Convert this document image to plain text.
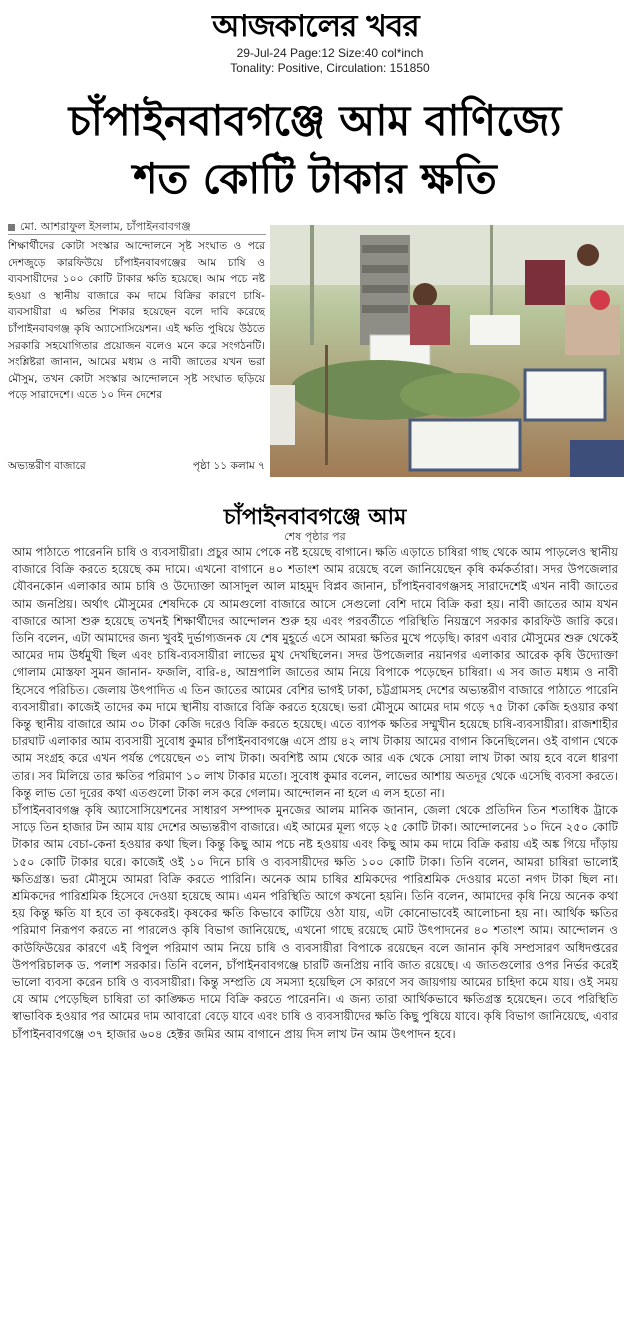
আজকালের খবর
29-Jul-24 Page:12 Size:40 col*inch
Tonality: Positive, Circulation: 151850
চাঁপাইনবাবগঞ্জে আম বাণিজ্যে
শত কোটি টাকার ক্ষতি
মো. আশরাফুল ইসলাম, চাঁপাইনবাবগঞ্জ

শিক্ষার্থীদের কোটা সংস্কার আন্দোলনে সৃষ্ট সংঘাত ও পরে দেশজুড়ে কারফিউয়ে চাঁপাইনবাবগঞ্জের আম চাষি ও ব্যবসায়ীদের ১০০ কোটি টাকার ক্ষতি হয়েছে। আম পচে নষ্ট হওয়া ও স্থানীয় বাজারে কম দামে বিক্রির কারণে চাষি-ব্যবসায়ীরা এ ক্ষতির শিকার হয়েছেন বলে দাবি করেছে চাঁপাইনবাবগঞ্জ কৃষি অ্যাসোসিয়েশন। এই ক্ষতি পুষিয়ে উঠতে সরকারি সহযোগিতার প্রয়োজন বলেও মনে করে সংগঠনটি। সংশ্লিষ্টরা জানান, আমের মধ্যম ও নাবী জাতের যখন ভরা মৌসুম, তখন কোটা সংস্কার আন্দোলনে সৃষ্ট সংঘাত ছড়িয়ে পড়ে সারাদেশে। এতে ১০ দিন দেশের

অভ্যন্তরীণ বাজারে	পৃষ্ঠা ১১ কলাম ৭
চাঁপাইনবাবগঞ্জে আম
শেষ পৃষ্ঠার পর

আম পাঠাতে পারেননি চাষি ও ব্যবসায়ীরা। প্রচুর আম পেকে নষ্ট হয়েছে বাগানে। ক্ষতি এড়াতে চাষিরা গাছ থেকে আম পাড়লেও স্থানীয় বাজারে বিক্রি করতে হয়েছে কম দামে। এখনো বাগানে ৪০ শতাংশ আম রয়েছে বলে জানিয়েছেন কৃষি কর্মকর্তারা। সদর উপজেলার যৌবনকোন এলাকার আম চাষি ও উদ্যোক্তা আসাদুল আল মাহমুদ বিপ্লব জানান, চাঁপাইনবাবগঞ্জসহ সারাদেশেই এখন নাবী জাতের আম জনপ্রিয়। অর্থাৎ মৌসুমের শেষদিকে যে আমগুলো বাজারে আসে সেগুলো বেশি দামে বিক্রি করা হয়। নাবী জাতের আম যখন বাজারে আসা শুরু হয়েছে তখনই শিক্ষার্থীদের আন্দোলন শুরু হয় এবং পরবর্তীতে পরিস্থিতি নিয়ন্ত্রণে সরকার কারফিউ জারি করে। তিনি বলেন, এটা আমাদের জন্য খুবই দুর্ভাগ্যজনক যে শেষ মুহূর্তে এসে আমরা ক্ষতির মুখে পড়েছি। কারণ এবার মৌসুমের শুরু থেকেই আমের দাম উর্ধমুখী ছিল এবং চাষি-ব্যবসায়ীরা লাভের মুখ দেখছিলেন। সদর উপজেলার নয়ানগর এলাকার আরেক কৃষি উদ্যোক্তা গোলাম মোস্তফা সুমন জানান- ফজলি, বারি-৪, আম্রপালি জাতের আম নিয়ে বিপাকে পড়েছেন চাষিরা। এ সব জাত মধ্যম ও নাবী হিসেবে পরিচিত। জেলায় উৎপাদিত এ তিন জাতের আমের বেশির ভাগই ঢাকা, চট্টগ্রামসহ দেশের অভ্যন্তরীণ বাজারে পাঠাতে পারেনি ব্যবসায়ীরা। কাজেই তাদের কম দামে স্থানীয় বাজারে বিক্রি করতে হয়েছে। ভরা মৌসুমে আমের দাম গড়ে ৭৫ টাকা কেজি হওয়ার কথা কিন্তু স্থানীয় বাজারে আম ৩০ টাকা কেজি দরেও বিক্রি করতে হয়েছে। এতে ব্যাপক ক্ষতির সম্মুখীন হয়েছে চাষি-ব্যবসায়ীরা। রাজশাহীর চারঘাট এলাকার আম ব্যবসায়ী সুবোধ কুমার চাঁপাইনবাবগঞ্জে এসে প্রায় ৪২ লাখ টাকায় আমের বাগান কিনেছিলেন। ওই বাগান থেকে আম সংগ্রহ করে এখন পর্যন্ত পেয়েছেন ৩১ লাখ টাকা। অবশিষ্ট আম থেকে আর এক থেকে সোয়া লাখ টাকা আয় হবে বলে ধারণা তার। সব মিলিয়ে তার ক্ষতির পরিমাণ ১০ লাখ টাকার মতো। সুবোধ কুমার বলেন, লাভের আশায় অতদূর থেকে এসেছি ব্যবসা করতে। কিন্তু লাভ তো দূরের কথা এতগুলো টাকা লস করে গেলাম। আন্দোলন না হলে এ লস হতো না।

চাঁপাইনবাবগঞ্জ কৃষি অ্যাসোসিয়েশনের সাধারণ সম্পাদক মুনজের আলম মানিক জানান, জেলা থেকে প্রতিদিন তিন শতাধিক ট্রাকে সাড়ে তিন হাজার টন আম যায় দেশের অভ্যন্তরীণ বাজারে। এই আমের মূল্য গড়ে ২৫ কোটি টাকা। আন্দোলনের ১০ দিনে ২৫০ কোটি টাকার আম বেচা-কেনা হওয়ার কথা ছিল। কিন্তু কিছু আম পচে নষ্ট হওয়ায় এবং কিছু আম কম দামে বিক্রি করায় এই অঙ্ক গিয়ে দাঁড়ায় ১৫০ কোটি টাকার ঘরে। কাজেই ওই ১০ দিনে চাষি ও ব্যবসায়ীদের ক্ষতি ১০০ কোটি টাকা। তিনি বলেন, আমরা চাষিরা ভালোই ক্ষতিগ্রস্ত। ভরা মৌসুমে আমরা বিক্রি করতে পারিনি। অনেক আম চাষির শ্রমিকদের পারিশ্রমিক দেওয়ার মতো নগদ টাকা ছিল না। শ্রমিকদের পারিশ্রমিক হিসেবে দেওয়া হয়েছে আম। এমন পরিস্থিতি আগে কখনো হয়নি। তিনি বলেন, আমাদের কৃষি নিয়ে অনেক কথা হয় কিন্তু ক্ষতি যা হবে তা কৃষকেরই। কৃষকের ক্ষতি কিভাবে কাটিয়ে ওঠা যায়, এটা কোনোভাবেই আলোচনা হয় না। আর্থিক ক্ষতির পরিমাণ নিরূপণ করতে না পারলেও কৃষি বিভাগ জানিয়েছে, এখনো গাছে রয়েছে মোট উৎপাদনের ৪০ শতাংশ আম। আন্দোলন ও কাউফিউয়ের কারণে এই বিপুল পরিমাণ আম নিয়ে চাষি ও ব্যবসায়ীরা বিপাকে রয়েছেন বলে জানান কৃষি সম্প্রসারণ অধিদপ্তরের উপপরিচালক ড. পলাশ সরকার। তিনি বলেন, চাঁপাইনবাবগঞ্জে চারটি জনপ্রিয় নাবি জাত রয়েছে। এ জাতগুলোর ওপর নির্ভর করেই ভালো ব্যবসা করেন চাষি ও ব্যবসায়ীরা। কিন্তু সম্প্রতি যে সমস্যা হয়েছিল সে কারণে সব জায়গায় আমের চাহিদা কমে যায়। ওই সময় যে আম পেড়েছিল চাষিরা তা কাঙ্ক্ষিত দামে বিক্রি করতে পারেননি। এ জন্য তারা আর্থিকভাবে ক্ষতিগ্রস্ত হয়েছেন। তবে পরিস্থিতি স্বাভাবিক হওয়ার পর আমের দাম আবারো বেড়ে যাবে এবং চাষি ও ব্যবসায়ীদের ক্ষতি কিছু পুষিয়ে যাবে। কৃষি বিভাগ জানিয়েছে, এবার চাঁপাইনবাবগঞ্জে ৩৭ হাজার ৬০৪ হেক্টর জমির আম বাগানে প্রায় দিস লাখ টন আম উৎপাদন হবে।
